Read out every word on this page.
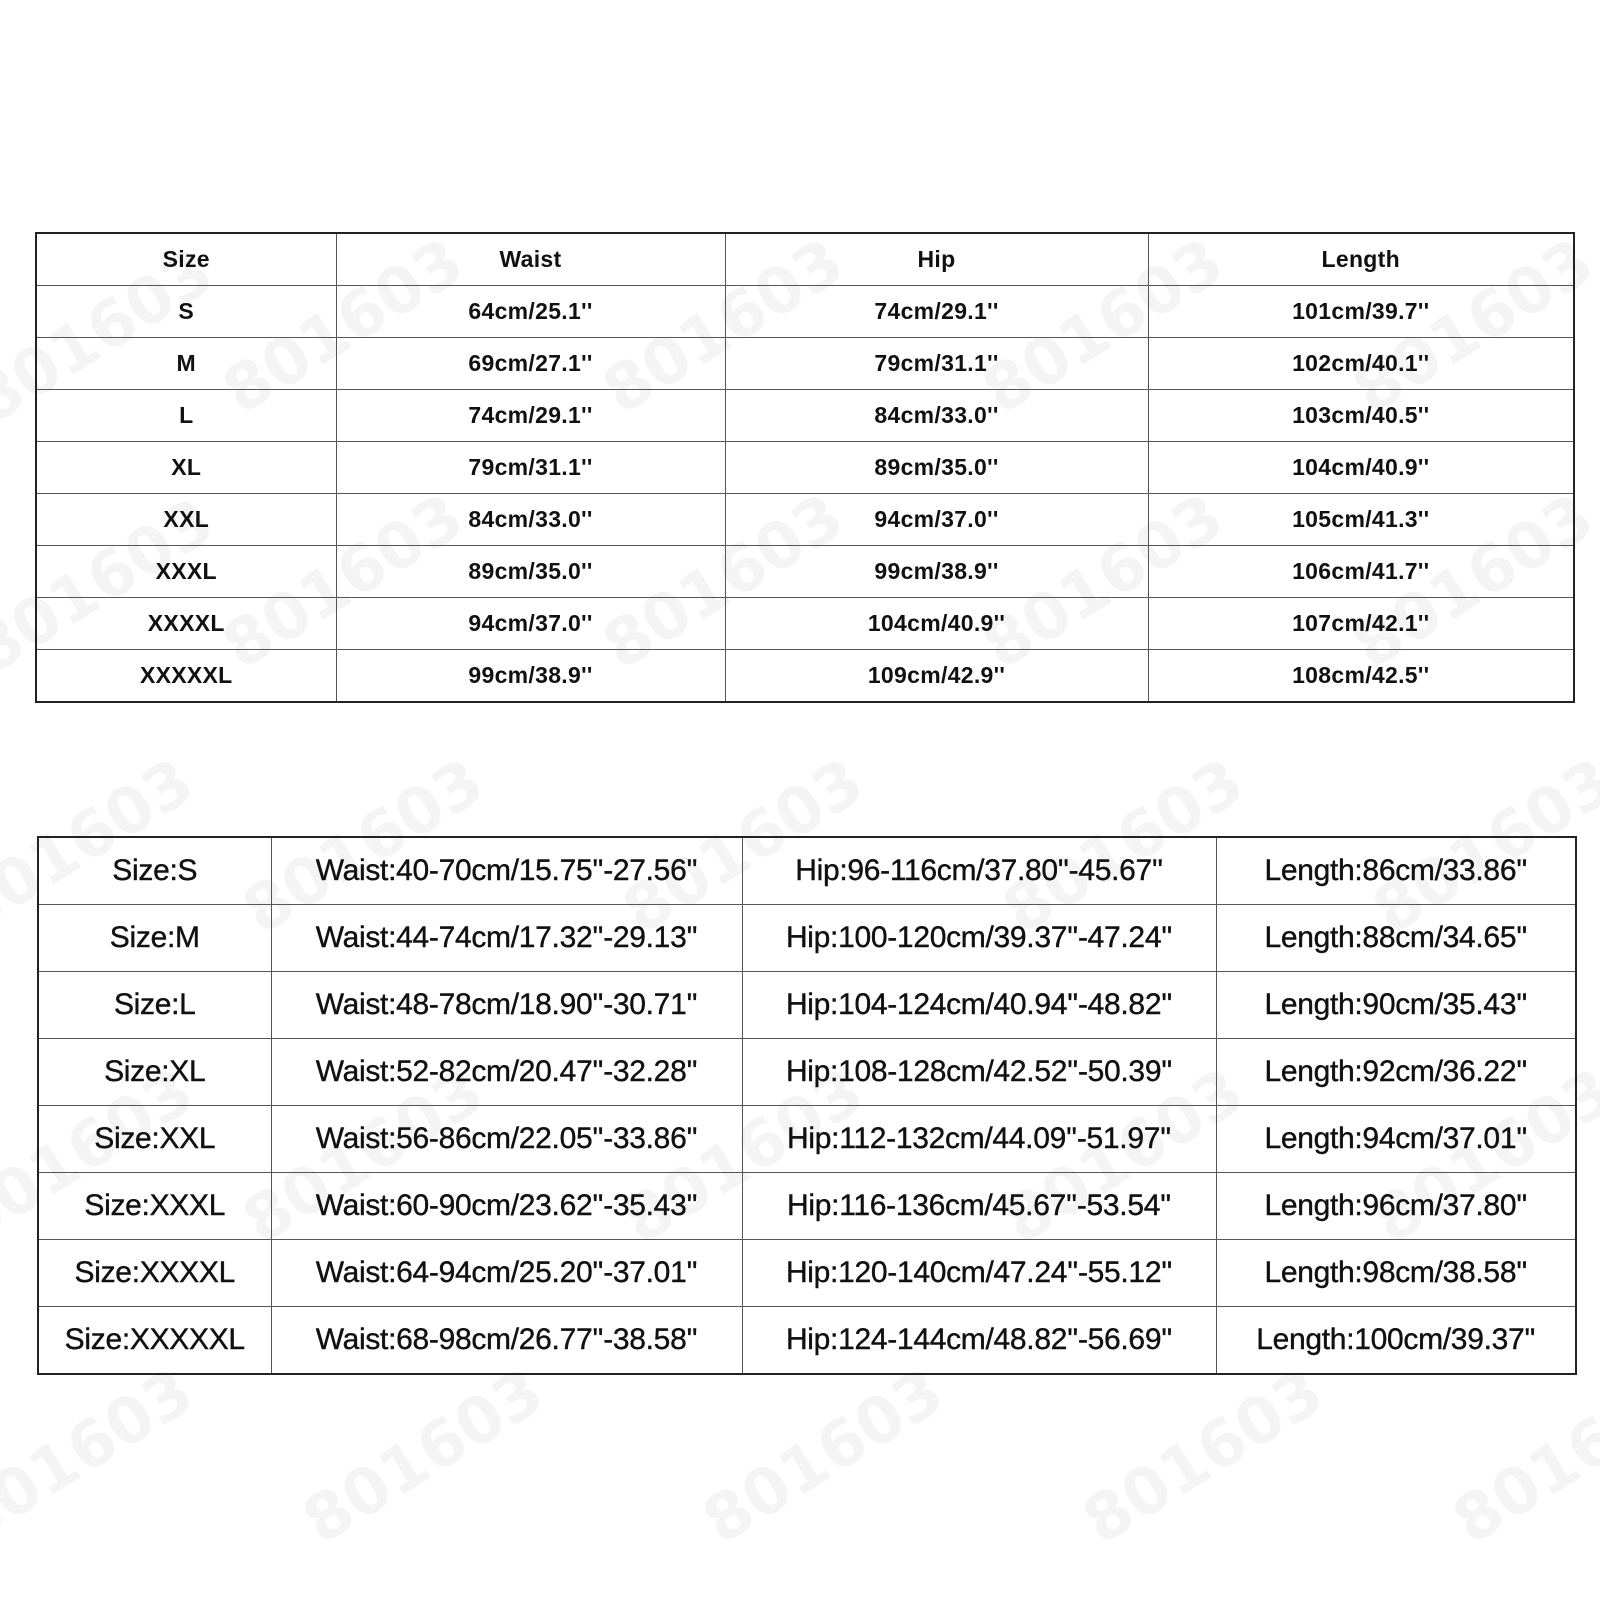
Size	Waist	Hip	Length
S	64cm/25.1''	74cm/29.1''	101cm/39.7''
M	69cm/27.1''	79cm/31.1''	102cm/40.1''
L	74cm/29.1''	84cm/33.0''	103cm/40.5''
XL	79cm/31.1''	89cm/35.0''	104cm/40.9''
XXL	84cm/33.0''	94cm/37.0''	105cm/41.3''
XXXL	89cm/35.0''	99cm/38.9''	106cm/41.7''
XXXXL	94cm/37.0''	104cm/40.9''	107cm/42.1''
XXXXXL	99cm/38.9''	109cm/42.9''	108cm/42.5''
Size:S	Waist:40-70cm/15.75''-27.56''	Hip:96-116cm/37.80''-45.67''	Length:86cm/33.86''
Size:M	Waist:44-74cm/17.32''-29.13''	Hip:100-120cm/39.37''-47.24''	Length:88cm/34.65''
Size:L	Waist:48-78cm/18.90''-30.71''	Hip:104-124cm/40.94''-48.82''	Length:90cm/35.43''
Size:XL	Waist:52-82cm/20.47''-32.28''	Hip:108-128cm/42.52''-50.39''	Length:92cm/36.22''
Size:XXL	Waist:56-86cm/22.05''-33.86''	Hip:112-132cm/44.09''-51.97''	Length:94cm/37.01''
Size:XXXL	Waist:60-90cm/23.62''-35.43''	Hip:116-136cm/45.67''-53.54''	Length:96cm/37.80''
Size:XXXXL	Waist:64-94cm/25.20''-37.01''	Hip:120-140cm/47.24''-55.12''	Length:98cm/38.58''
Size:XXXXXL	Waist:68-98cm/26.77''-38.58''	Hip:124-144cm/48.82''-56.69''	Length:100cm/39.37''
